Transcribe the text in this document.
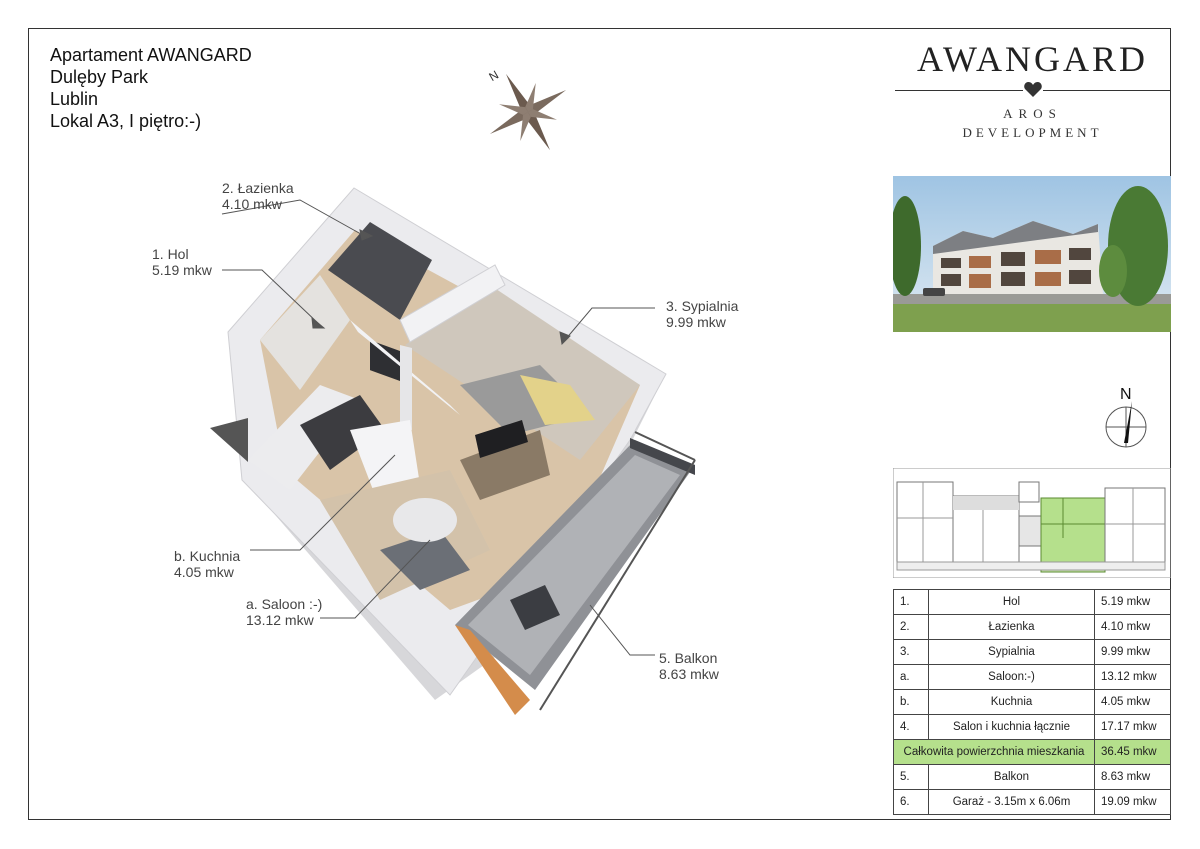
Apartament AWANGARD
Dulęby Park
Lublin
Lokal A3, I piętro:-)
N	AWANGARD
AROS
DEVELOPMENT
N
2. Łazienka
4.10 mkw
1. Hol
5.19 mkw
3. Sypialnia
9.99 mkw
b. Kuchnia
4.05 mkw
a. Saloon :-)
13.12 mkw
5. Balkon
8.63 mkw
1.	Hol	5.19 mkw
2.	Łazienka	4.10 mkw
3.	Sypialnia	9.99 mkw
a.	Saloon:-)	13.12 mkw
b.	Kuchnia	4.05 mkw
4.	Salon i kuchnia łącznie	17.17 mkw
Całkowita powierzchnia mieszkania		36.45 mkw
5.	Balkon	8.63 mkw
6.	Garaż - 3.15m x 6.06m	19.09 mkw
